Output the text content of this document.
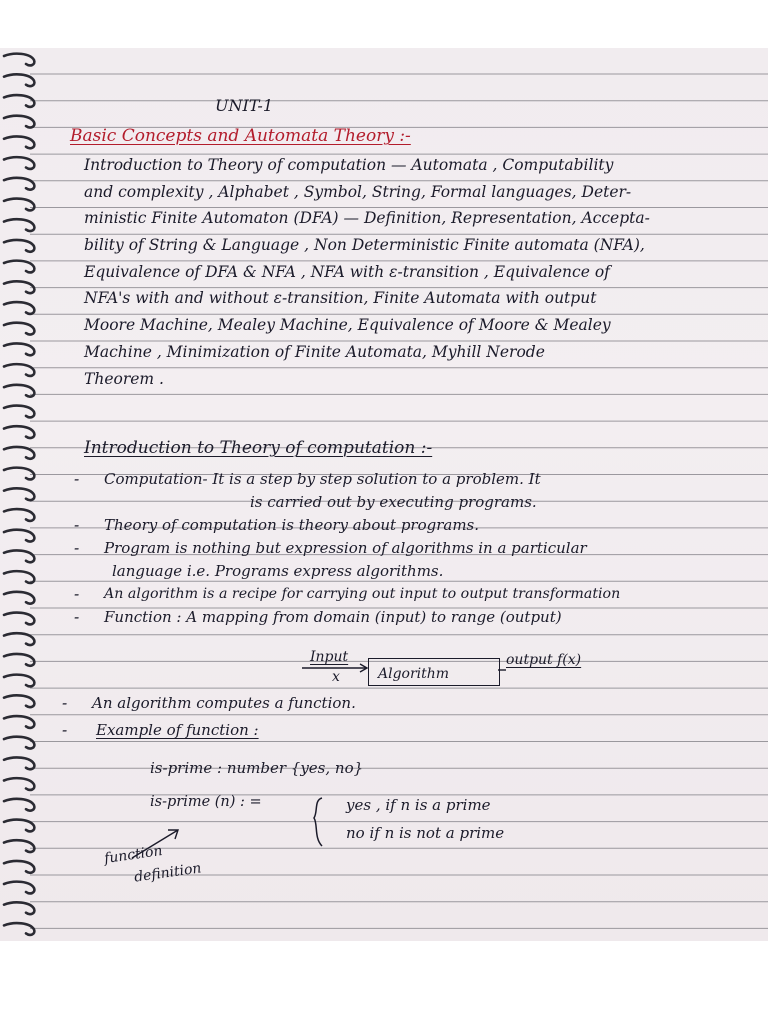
UNIT-1
Basic Concepts and Automata Theory :-
Introduction to Theory of computation — Automata , Computability
and complexity , Alphabet , Symbol, String, Formal languages, Deter-
ministic Finite Automaton (DFA) — Definition, Representation, Accepta-
bility of String & Language , Non Deterministic Finite automata (NFA),
Equivalence of DFA & NFA , NFA with ε-transition , Equivalence of
NFA's with and without ε-transition, Finite Automata with output
Moore Machine, Mealey Machine, Equivalence of Moore & Mealey
Machine , Minimization of Finite Automata, Myhill Nerode
Theorem .
Introduction to Theory of computation :-
- Computation- It is a step by step solution to a problem. It
is carried out by executing programs.
- Theory of computation is theory about programs.
- Program is nothing but expression of algorithms in a particular
language i.e. Programs express algorithms.
- An algorithm is a recipe for carrying out input to output transformation
- Function : A mapping from domain (input) to range (output)
Input
x	Algorithm
output f(x)
- An algorithm computes a function.
- Example of function :
is-prime : number {yes, no}
is-prime (n) : =	yes , if n is a prime
no if n is not a prime
function
definition
